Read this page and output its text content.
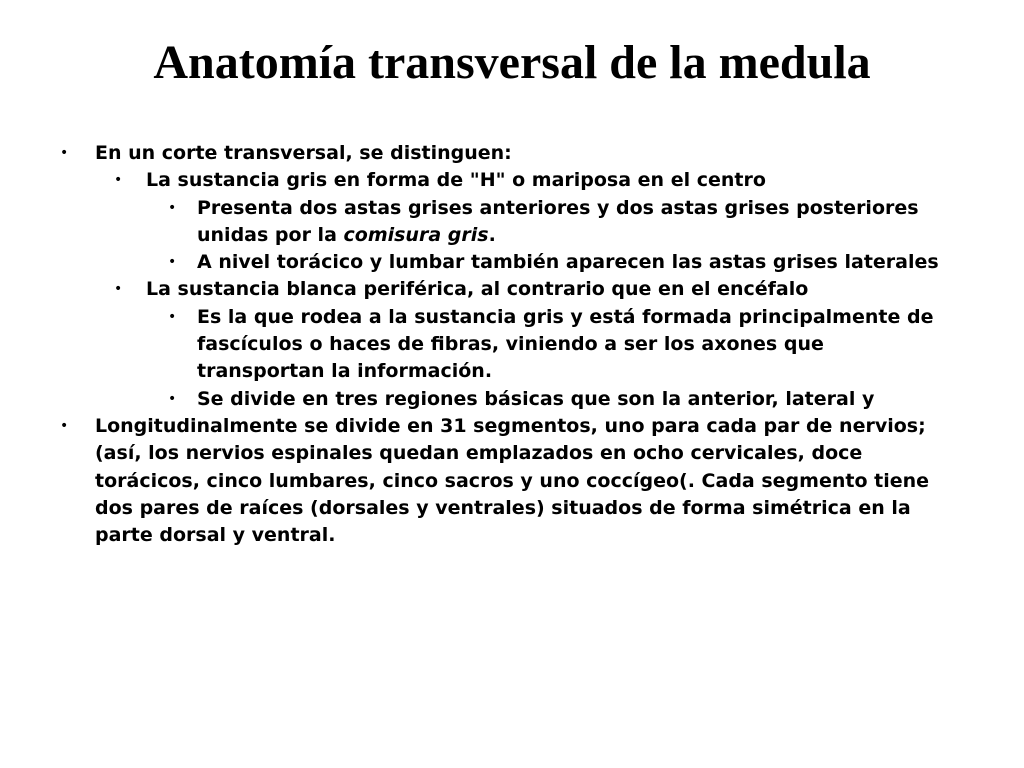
Anatomía transversal de la medula

• En un corte transversal, se distinguen:

• La sustancia gris en forma de "H" o mariposa en el centro

• Presenta dos astas grises anteriores y dos astas grises posteriores unidas por la comisura gris.

• A nivel torácico y lumbar también aparecen las astas grises laterales

• La sustancia blanca periférica, al contrario que en el encéfalo

• Es la que rodea a la sustancia gris y está formada principalmente de fascículos o haces de fibras, viniendo a ser los axones que transportan la información.

• Se divide en tres regiones básicas que son la anterior, lateral y

• Longitudinalmente se divide en 31 segmentos, uno para cada par de nervios; (así, los nervios espinales quedan emplazados en ocho cervicales, doce torácicos, cinco lumbares, cinco sacros y uno coccígeo(. Cada segmento tiene dos pares de raíces (dorsales y ventrales) situados de forma simétrica en la parte dorsal y ventral.
